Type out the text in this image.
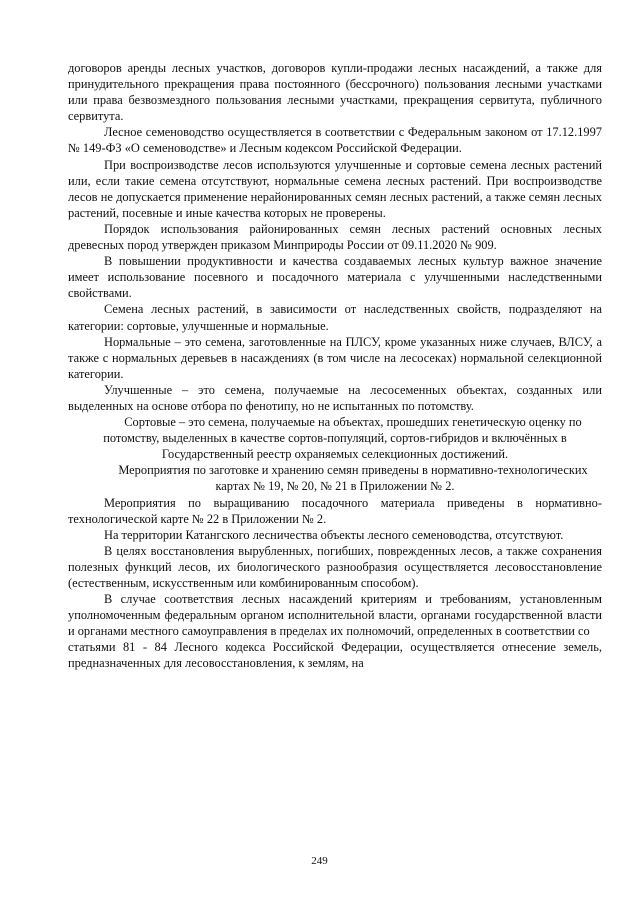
договоров аренды лесных участков, договоров купли-продажи лесных насаждений, а также для принудительного прекращения права постоянного (бессрочного) пользования лесными участками или права безвозмездного пользования лесными участками, прекращения сервитута, публичного сервитута.

Лесное семеноводство осуществляется в соответствии с Федеральным законом от 17.12.1997 № 149-ФЗ «О семеноводстве» и Лесным кодексом Российской Федерации.

При воспроизводстве лесов используются улучшенные и сортовые семена лесных растений или, если такие семена отсутствуют, нормальные семена лесных растений. При воспроизводстве лесов не допускается применение нерайонированных семян лесных растений, а также семян лесных растений, посевные и иные качества которых не проверены.

Порядок использования районированных семян лесных растений основных лесных древесных пород утвержден приказом Минприроды России от 09.11.2020 № 909.

В повышении продуктивности и качества создаваемых лесных культур важное значение имеет использование посевного и посадочного материала с улучшенными наследственными свойствами.

Семена лесных растений, в зависимости от наследственных свойств, подразделяют на категории: сортовые, улучшенные и нормальные.

Нормальные – это семена, заготовленные на ПЛСУ, кроме указанных ниже случаев, ВЛСУ, а также с нормальных деревьев в насаждениях (в том числе на лесосеках) нормальной селекционной категории.

Улучшенные – это семена, получаемые на лесосеменных объектах, созданных или выделенных на основе отбора по фенотипу, но не испытанных по потомству.

Сортовые – это семена, получаемые на объектах, прошедших генетическую оценку по потомству, выделенных в качестве сортов-популяций, сортов-гибридов и включённых в Государственный реестр охраняемых селекционных достижений.

Мероприятия по заготовке и хранению семян приведены в нормативно-технологических картах № 19, № 20, № 21 в Приложении № 2.

Мероприятия по выращиванию посадочного материала приведены в нормативно-технологической карте № 22 в Приложении № 2.

На территории Катангского лесничества объекты лесного семеноводства, отсутствуют.

В целях восстановления вырубленных, погибших, поврежденных лесов, а также сохранения полезных функций лесов, их биологического разнообразия осуществляется лесовосстановление (естественным, искусственным или комбинированным способом).

В случае соответствия лесных насаждений критериям и требованиям, установленным уполномоченным федеральным органом исполнительной власти, органами государственной власти и органами местного самоуправления в пределах их полномочий, определенных в соответствии со

статьями 81 - 84 Лесного кодекса Российской Федерации, осуществляется отнесение земель, предназначенных для лесовосстановления, к землям, на

249
